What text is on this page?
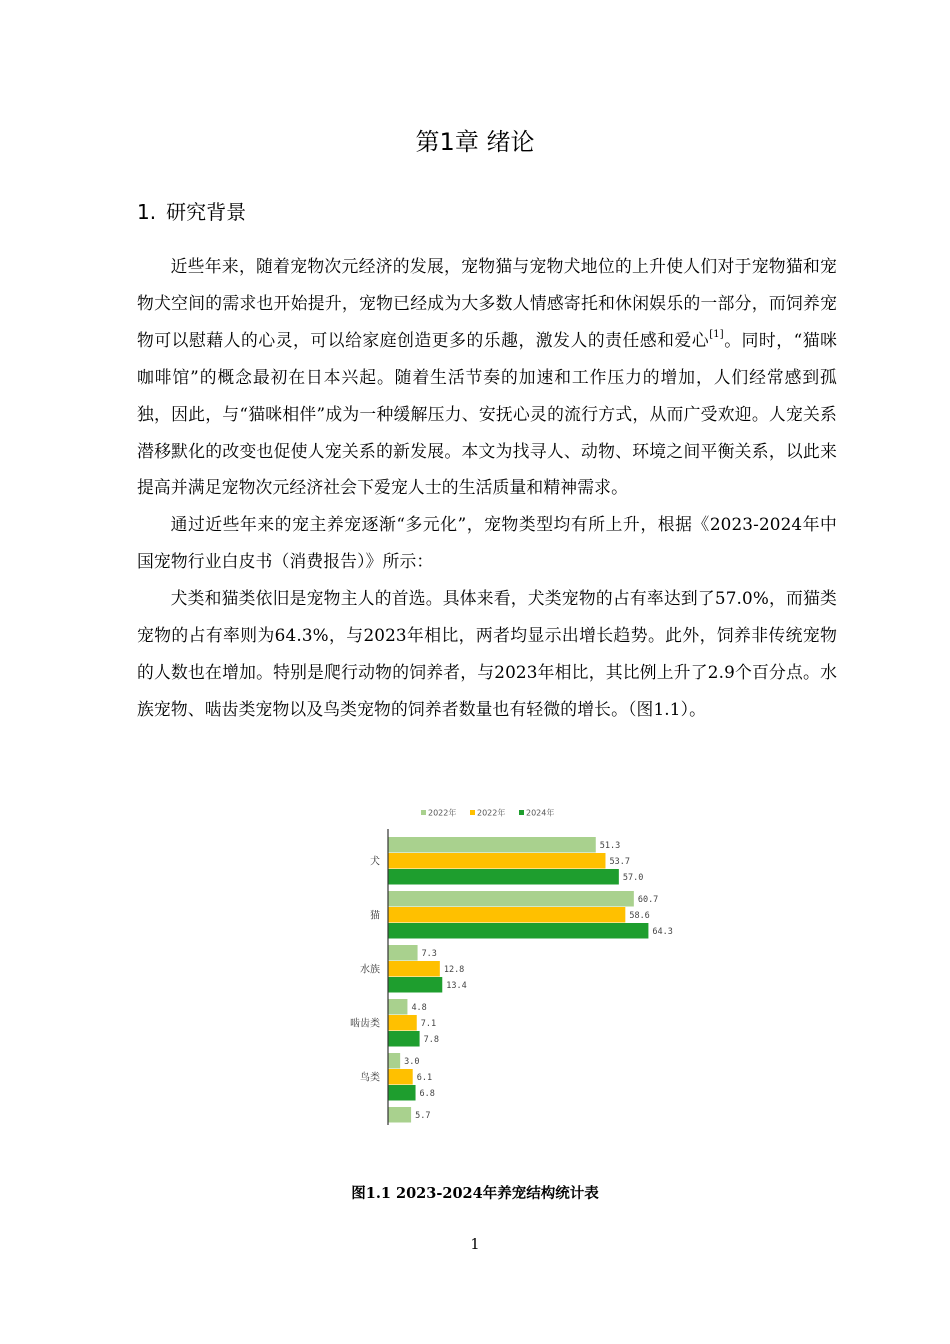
第1章 绪论
1. 研究背景

近些年来，随着宠物次元经济的发展，宠物猫与宠物犬地位的上升使人们对于宠物猫和宠物犬空间的需求也开始提升，宠物已经成为大多数人情感寄托和休闲娱乐的一部分，而饲养宠物可以慰藉人的心灵，可以给家庭创造更多的乐趣，激发人的责任感和爱心[1]。同时，“猫咪咖啡馆”的概念最初在日本兴起。随着生活节奏的加速和工作压力的增加，人们经常感到孤独，因此，与“猫咪相伴”成为一种缓解压力、安抚心灵的流行方式，从而广受欢迎。人宠关系潜移默化的改变也促使人宠关系的新发展。本文为找寻人、动物、环境之间平衡关系，以此来提高并满足宠物次元经济社会下爱宠人士的生活质量和精神需求。

通过近些年来的宠主养宠逐渐“多元化”，宠物类型均有所上升，根据《2023-2024年中国宠物行业白皮书（消费报告）》所示：

犬类和猫类依旧是宠物主人的首选。具体来看，犬类宠物的占有率达到了57.0%，而猫类宠物的占有率则为64.3%，与2023年相比，两者均显示出增长趋势。此外，饲养非传统宠物的人数也在增加。特别是爬行动物的饲养者，与2023年相比，其比例上升了2.9个百分点。水族宠物、啮齿类宠物以及鸟类宠物的饲养者数量也有轻微的增长。（图1.1）。

2022年	2022年	2024年
51.3
53.7
57.0
犬
60.7
58.6
64.3
猫
7.3
12.8
13.4
水族
4.8
7.1
7.8
啮齿类
3.0
6.1
6.8
鸟类
5.7

图1.1 2023-2024年养宠结构统计表

1
